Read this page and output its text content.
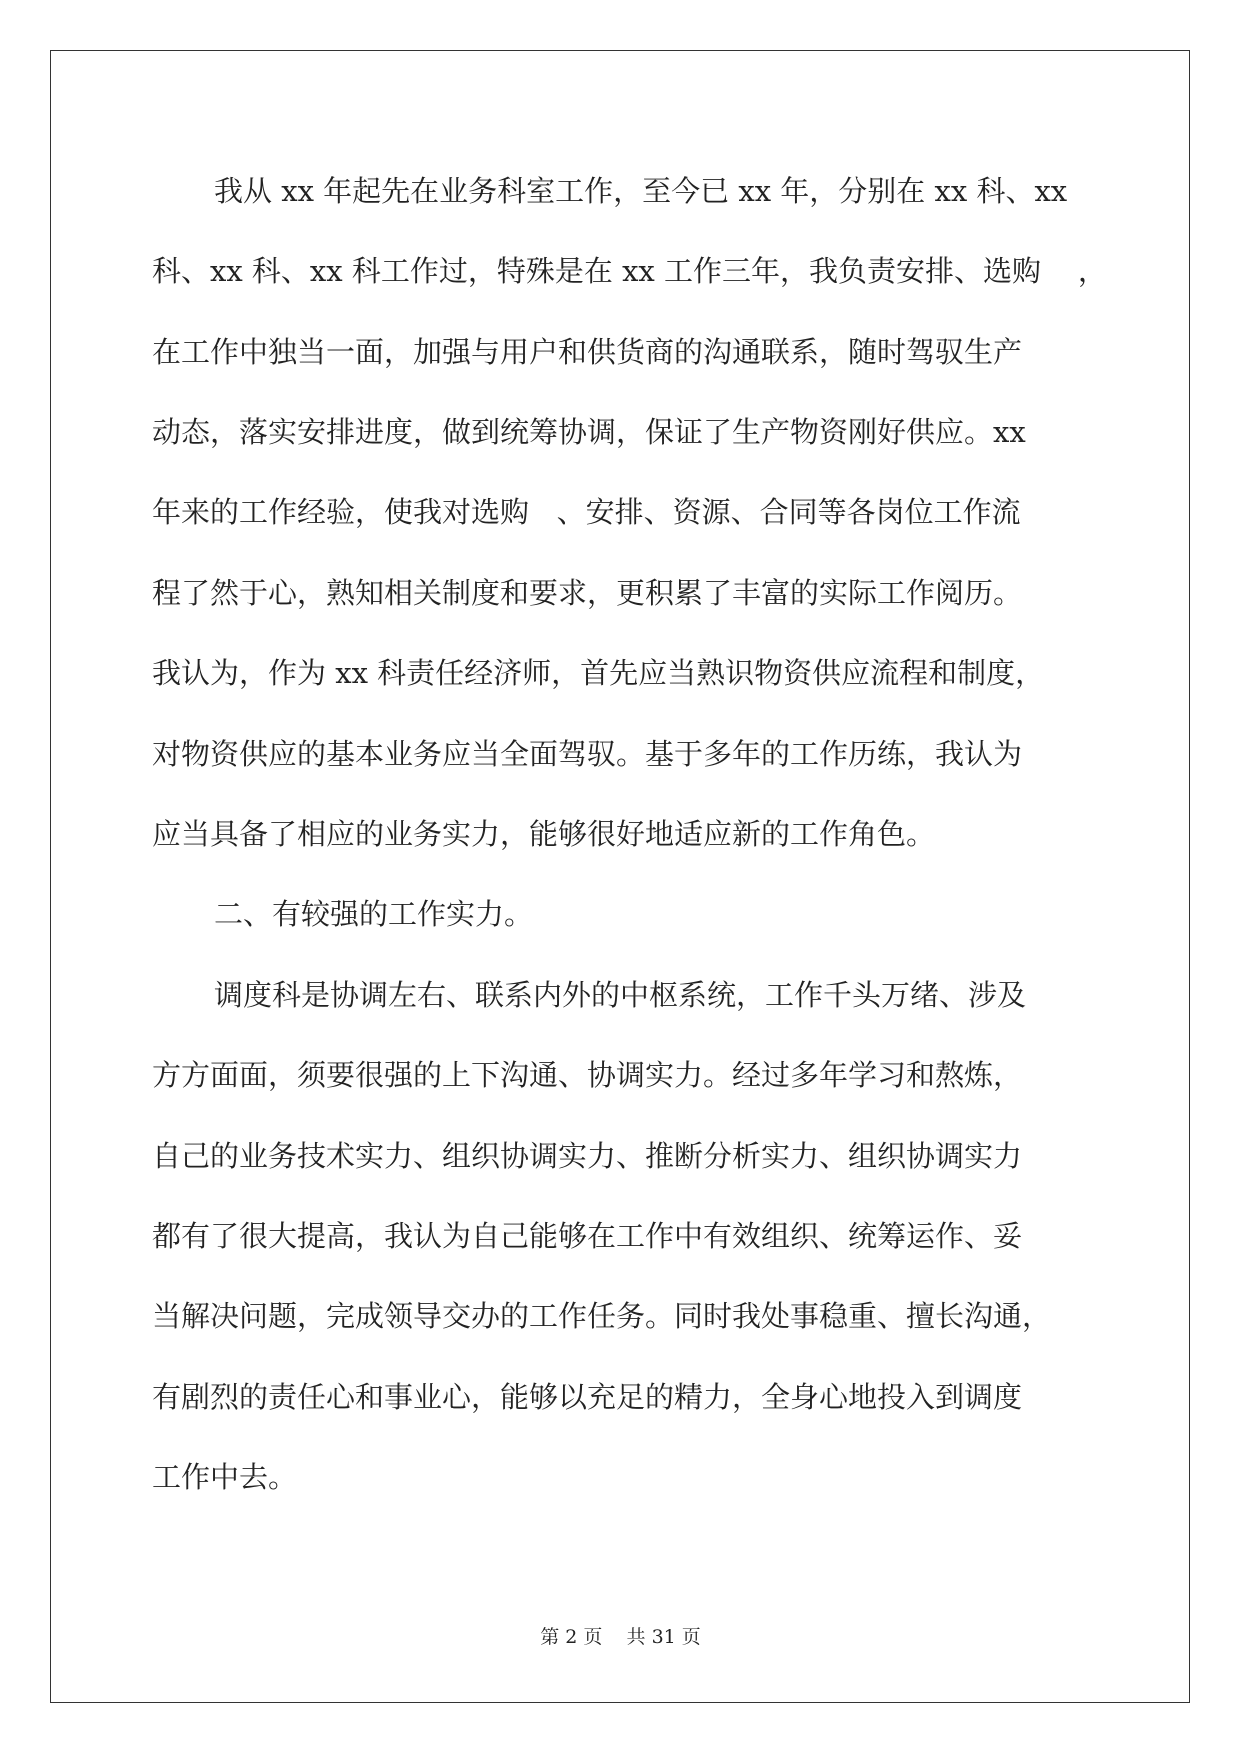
我从 xx 年起先在业务科室工作，至今已 xx 年，分别在 xx 科、xx
科、xx 科、xx 科工作过，特殊是在 xx 工作三年，我负责安排、选购    ，
在工作中独当一面，加强与用户和供货商的沟通联系，随时驾驭生产
动态，落实安排进度，做到统筹协调，保证了生产物资刚好供应。xx
年来的工作经验，使我对选购   、安排、资源、合同等各岗位工作流
程了然于心，熟知相关制度和要求，更积累了丰富的实际工作阅历。
我认为，作为 xx 科责任经济师，首先应当熟识物资供应流程和制度，
对物资供应的基本业务应当全面驾驭。基于多年的工作历练，我认为
应当具备了相应的业务实力，能够很好地适应新的工作角色。
二、有较强的工作实力。
调度科是协调左右、联系内外的中枢系统，工作千头万绪、涉及
方方面面，须要很强的上下沟通、协调实力。经过多年学习和熬炼，
自己的业务技术实力、组织协调实力、推断分析实力、组织协调实力
都有了很大提高，我认为自己能够在工作中有效组织、统筹运作、妥
当解决问题，完成领导交办的工作任务。同时我处事稳重、擅长沟通，
有剧烈的责任心和事业心，能够以充足的精力，全身心地投入到调度
工作中去。
第 2 页    共 31 页
